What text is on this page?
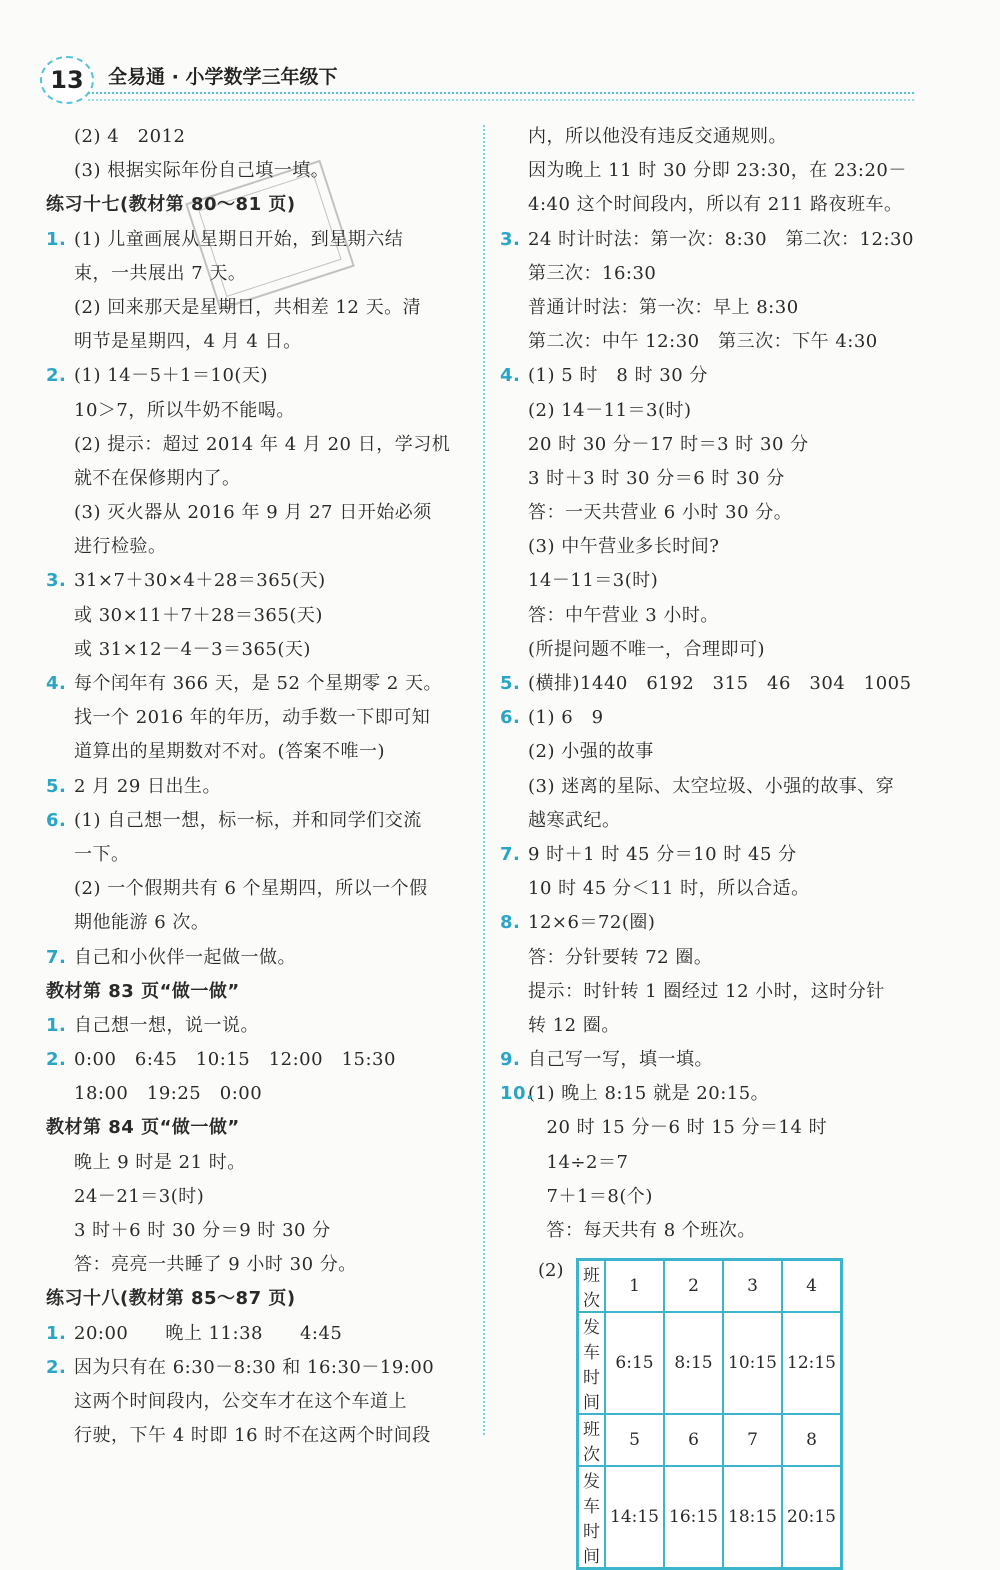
13	全易通 · 小学数学三年级下
(2) 4　2012
(3) 根据实际年份自己填一填。
练习十七(教材第 80～81 页)
1. (1) 儿童画展从星期日开始，到星期六结
束，一共展出 7 天。
(2) 回来那天是星期日，共相差 12 天。清
明节是星期四，4 月 4 日。
2. (1) 14－5＋1＝10(天)
10＞7，所以牛奶不能喝。
(2) 提示：超过 2014 年 4 月 20 日，学习机
就不在保修期内了。
(3) 灭火器从 2016 年 9 月 27 日开始必须
进行检验。
3. 31×7＋30×4＋28＝365(天)
或 30×11＋7＋28＝365(天)
或 31×12－4－3＝365(天)
4. 每个闰年有 366 天，是 52 个星期零 2 天。
找一个 2016 年的年历，动手数一下即可知
道算出的星期数对不对。(答案不唯一)
5. 2 月 29 日出生。
6. (1) 自己想一想，标一标，并和同学们交流
一下。
(2) 一个假期共有 6 个星期四，所以一个假
期他能游 6 次。
7. 自己和小伙伴一起做一做。
教材第 83 页“做一做”
1. 自己想一想，说一说。
2. 0:00　6:45　10:15　12:00　15:30
18:00　19:25　0:00
教材第 84 页“做一做”
晚上 9 时是 21 时。
24－21＝3(时)
3 时＋6 时 30 分＝9 时 30 分
答：亮亮一共睡了 9 小时 30 分。
练习十八(教材第 85～87 页)
1. 20:00　　晚上 11:38　　4:45
2. 因为只有在 6:30－8:30 和 16:30－19:00
这两个时间段内，公交车才在这个车道上
行驶，下午 4 时即 16 时不在这两个时间段
内，所以他没有违反交通规则。
因为晚上 11 时 30 分即 23:30，在 23:20－
4:40 这个时间段内，所以有 211 路夜班车。
3. 24 时计时法：第一次：8:30　第二次：12:30
第三次：16:30
普通计时法：第一次：早上 8:30
第二次：中午 12:30　第三次：下午 4:30
4. (1) 5 时　8 时 30 分
(2) 14－11＝3(时)
20 时 30 分－17 时＝3 时 30 分
3 时＋3 时 30 分＝6 时 30 分
答：一天共营业 6 小时 30 分。
(3) 中午营业多长时间?
14－11＝3(时)
答：中午营业 3 小时。
(所提问题不唯一，合理即可)
5. (横排)1440　6192　315　46　304　1005
6. (1) 6　9
(2) 小强的故事
(3) 迷离的星际、太空垃圾、小强的故事、穿
越寒武纪。
7. 9 时＋1 时 45 分＝10 时 45 分
10 时 45 分＜11 时，所以合适。
8. 12×6＝72(圈)
答：分针要转 72 圈。
提示：时针转 1 圈经过 12 小时，这时分针
转 12 圈。
9. 自己写一写，填一填。
10.
(1) 晚上 8:15 就是 20:15。
　20 时 15 分－6 时 15 分＝14 时
　14÷2＝7
　7＋1＝8(个)
　答：每天共有 8 个班次。
(2) 班次	1	2	3	4
发车时间	6:15	8:15	10:15	12:15
班次	5	6	7	8
发车时间	14:15	16:15	18:15	20:15
